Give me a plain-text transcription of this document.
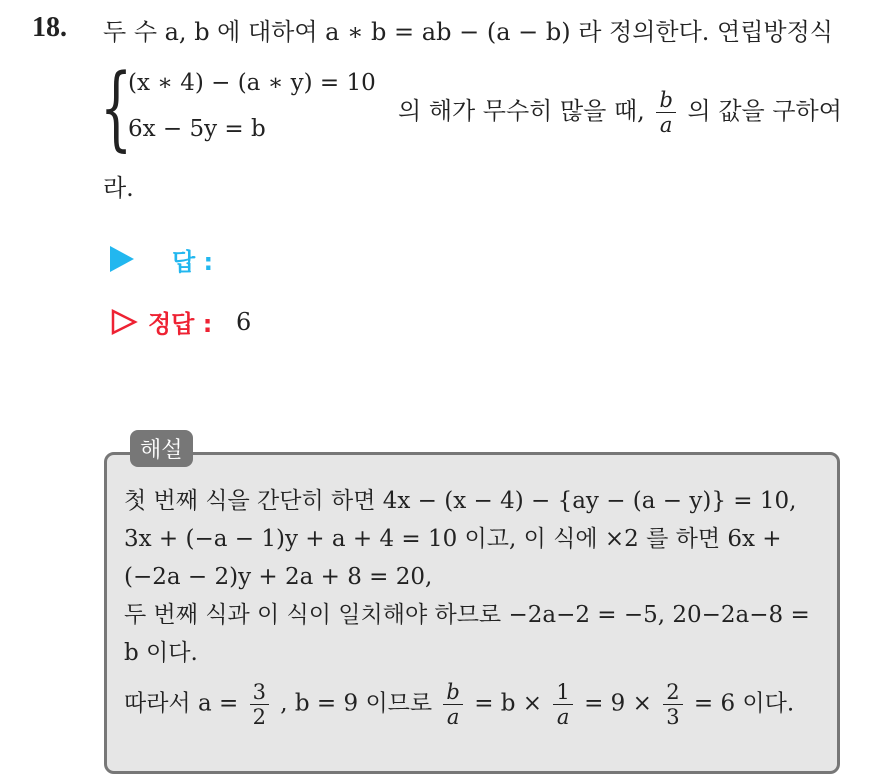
18. 두 수 a, b 에 대하여 a ∗ b = ab − (a − b) 라 정의한다. 연립방정식
{
(x ∗ 4) − (a ∗ y) = 10
6x − 5y = b
의 해가 무수히 많을 때, $\frac{b}{a}$ 의 값을 구하여
라.
답 :
정답 : 6
해설
첫 번째 식을 간단히 하면 4x − (x − 4) − {ay − (a − y)} = 10,
3x + (−a − 1)y + a + 4 = 10 이고, 이 식에 ×2 를 하면 6x +
(−2a − 2)y + 2a + 8 = 20,
두 번째 식과 이 식이 일치해야 하므로 −2a−2 = −5, 20−2a−8 =
b 이다.
따라서 $a = \frac{3}{2}$ , b = 9 이므로 $\frac{b}{a} = b \times \frac{1}{a} = 9 \times \frac{2}{3} = 6$ 이다.
